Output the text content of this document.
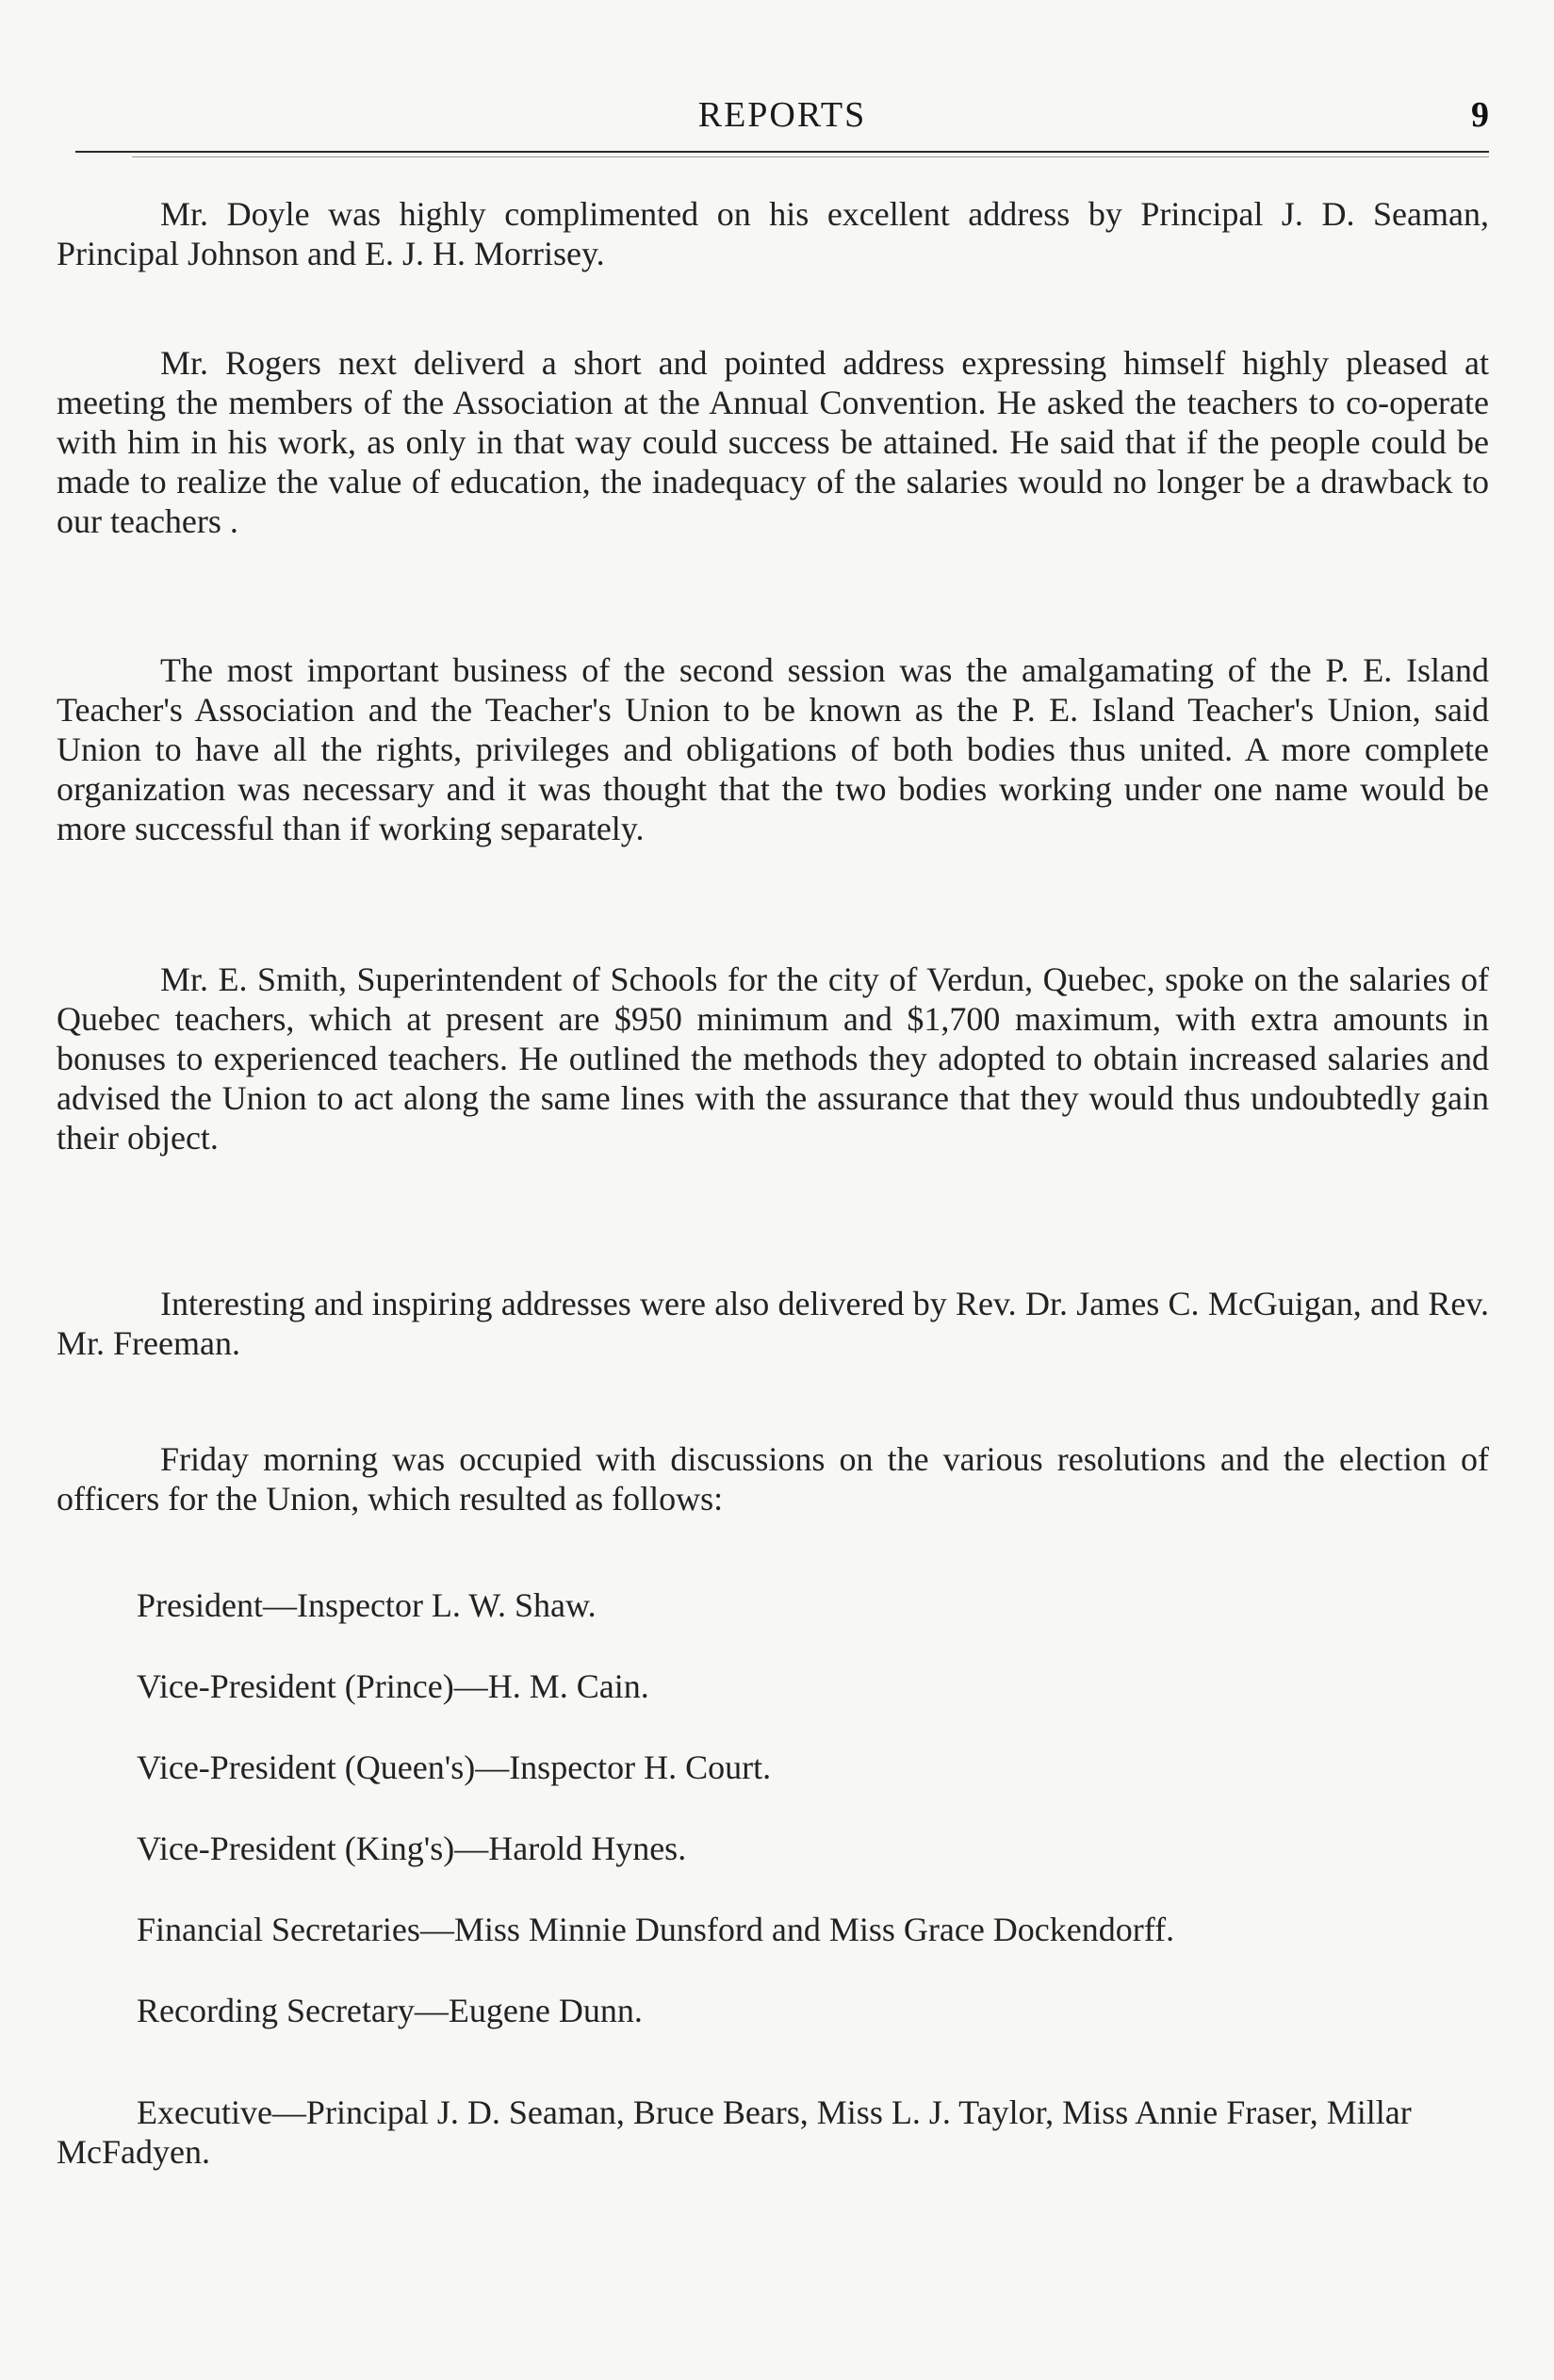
REPORTS	9

Mr. Doyle was highly complimented on his excellent address by Principal J. D. Seaman, Principal Johnson and E. J. H. Morrisey.

Mr. Rogers next deliverd a short and pointed address expressing himself highly pleased at meeting the members of the Association at the Annual Convention. He asked the teachers to co-operate with him in his work, as only in that way could success be attained. He said that if the people could be made to realize the value of education, the inadequacy of the salaries would no longer be a drawback to our teachers .

The most important business of the second session was the amalgamating of the P. E. Island Teacher's Association and the Teacher's Union to be known as the P. E. Island Teacher's Union, said Union to have all the rights, privileges and obligations of both bodies thus united. A more complete organization was necessary and it was thought that the two bodies working under one name would be more successful than if working separately.

Mr. E. Smith, Superintendent of Schools for the city of Verdun, Quebec, spoke on the salaries of Quebec teachers, which at present are $950 minimum and $1,700 maximum, with extra amounts in bonuses to experienced teachers. He outlined the methods they adopted to obtain increased salaries and advised the Union to act along the same lines with the assurance that they would thus undoubtedly gain their object.

Interesting and inspiring addresses were also delivered by Rev. Dr. James C. McGuigan, and Rev. Mr. Freeman.

Friday morning was occupied with discussions on the various resolutions and the election of officers for the Union, which resulted as follows:

President—Inspector L. W. Shaw.
Vice-President (Prince)—H. M. Cain.
Vice-President (Queen's)—Inspector H. Court.
Vice-President (King's)—Harold Hynes.
Financial Secretaries—Miss Minnie Dunsford and Miss Grace Dockendorff.
Recording Secretary—Eugene Dunn.

Executive—Principal J. D. Seaman, Bruce Bears, Miss L. J. Taylor, Miss Annie Fraser, Millar McFadyen.
